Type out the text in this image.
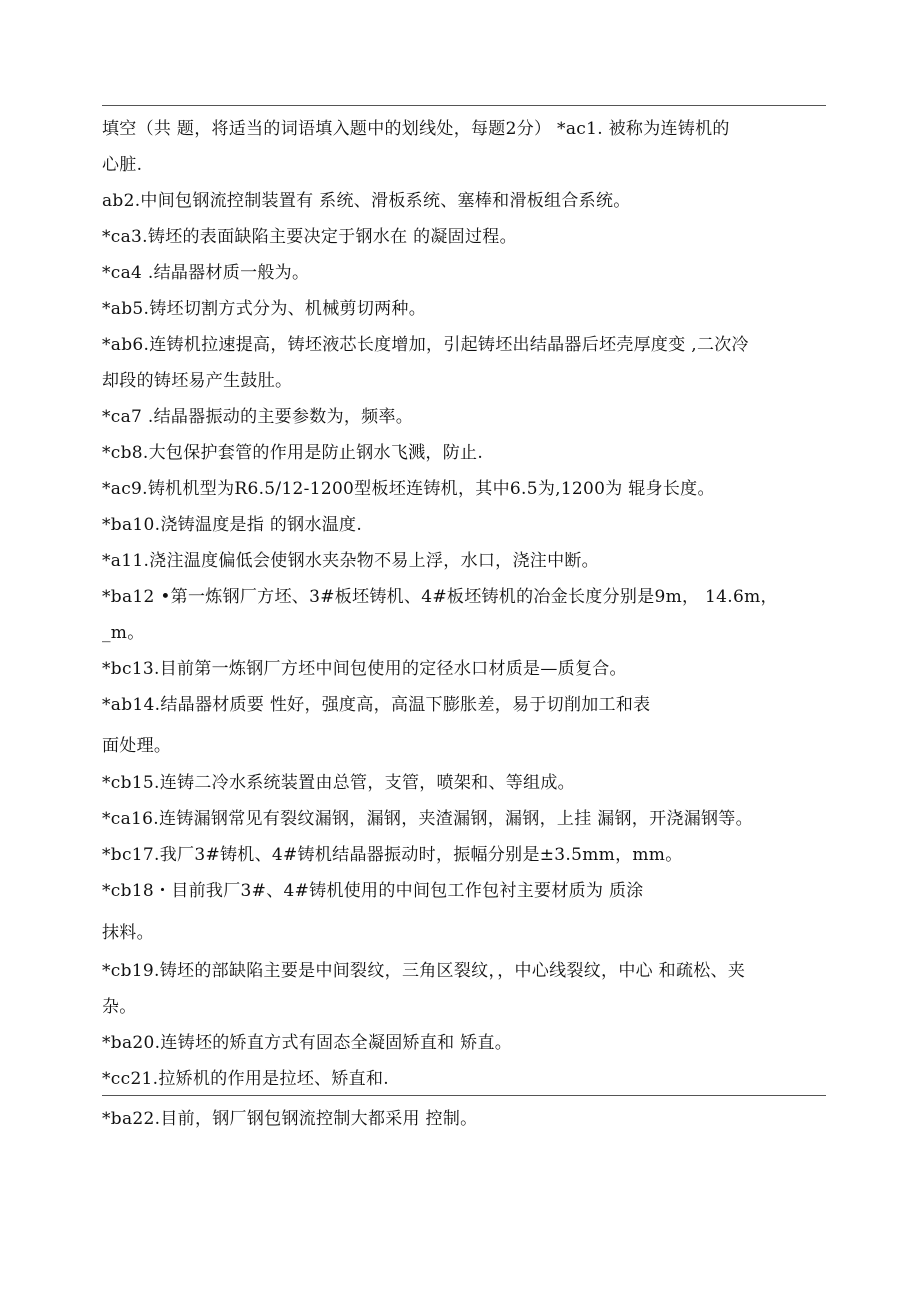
填空（共 题，将适当的词语填入题中的划线处，每题2分） *ac1. 被称为连铸机的
心脏.
ab2.中间包钢流控制装置有 系统、滑板系统、塞棒和滑板组合系统。
*ca3.铸坯的表面缺陷主要决定于钢水在 的凝固过程。
*ca4 .结晶器材质一般为。
*ab5.铸坯切割方式分为、机械剪切两种。
*ab6.连铸机拉速提高，铸坯液芯长度增加，引起铸坯出结晶器后坯壳厚度变 ,二次冷
却段的铸坯易产生鼓肚。
*ca7 .结晶器振动的主要参数为，频率。
*cb8.大包保护套管的作用是防止钢水飞溅，防止.
*ac9.铸机机型为R6.5/12-1200型板坯连铸机，其中6.5为,1200为 辊身长度。
*ba10.浇铸温度是指 的钢水温度.
*a11.浇注温度偏低会使钢水夹杂物不易上浮，水口，浇注中断。
*ba12 •第一炼钢厂方坯、3#板坯铸机、4#板坯铸机的冶金长度分别是9m， 14.6m，
_m。
*bc13.目前第一炼钢厂方坯中间包使用的定径水口材质是—质复合。
*ab14.结晶器材质要 性好，强度高，高温下膨胀差，易于切削加工和表
面处理。
*cb15.连铸二冷水系统装置由总管，支管，喷架和、等组成。
*ca16.连铸漏钢常见有裂纹漏钢，漏钢，夹渣漏钢，漏钢，上挂 漏钢，开浇漏钢等。
*bc17.我厂3#铸机、4#铸机结晶器振动时，振幅分别是±3.5mm，mm。
*cb18・目前我厂3#、4#铸机使用的中间包工作包衬主要材质为 质涂
抹料。
*cb19.铸坯的部缺陷主要是中间裂纹，三角区裂纹，，中心线裂纹，中心 和疏松、夹
杂。
*ba20.连铸坯的矫直方式有固态全凝固矫直和 矫直。
*cc21.拉矫机的作用是拉坯、矫直和.
*ba22.目前，钢厂钢包钢流控制大都采用 控制。
